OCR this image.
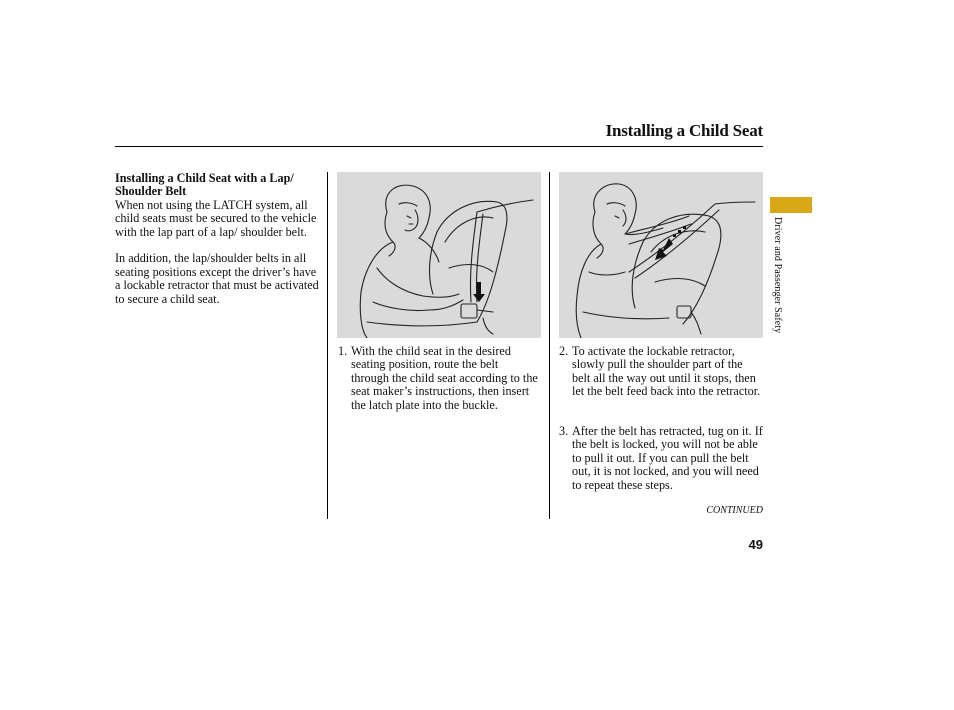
Installing a Child Seat
Installing a Child Seat with a Lap/ Shoulder Belt

When not using the LATCH system, all child seats must be secured to the vehicle with the lap part of a lap/ shoulder belt.

In addition, the lap/shoulder belts in all seating positions except the driver’s have a lockable retractor that must be activated to secure a child seat.

1. With the child seat in the desired seating position, route the belt through the child seat according to the seat maker’s instructions, then insert the latch plate into the buckle.
2. To activate the lockable retractor, slowly pull the shoulder part of the belt all the way out until it stops, then let the belt feed back into the retractor.
3. After the belt has retracted, tug on it. If the belt is locked, you will not be able to pull it out. If you can pull the belt out, it is not locked, and you will need to repeat these steps.
CONTINUED
49
Driver and Passenger Safety
